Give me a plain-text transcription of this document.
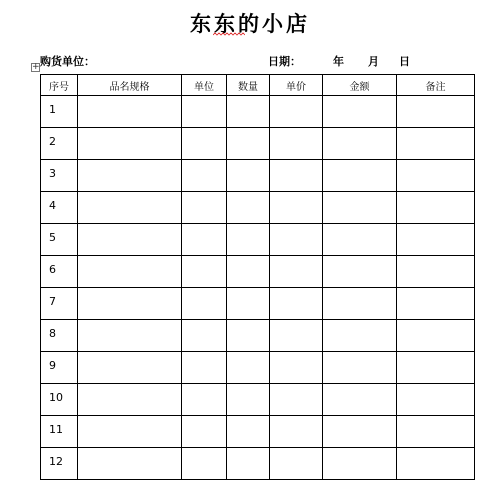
东东的小店
购货单位：	日期：	年 月 日
+
序号	品名规格	单位	数量	单价	金额	备注
1						
2						
3						
4						
5						
6						
7						
8						
9						
10						
11						
12						
